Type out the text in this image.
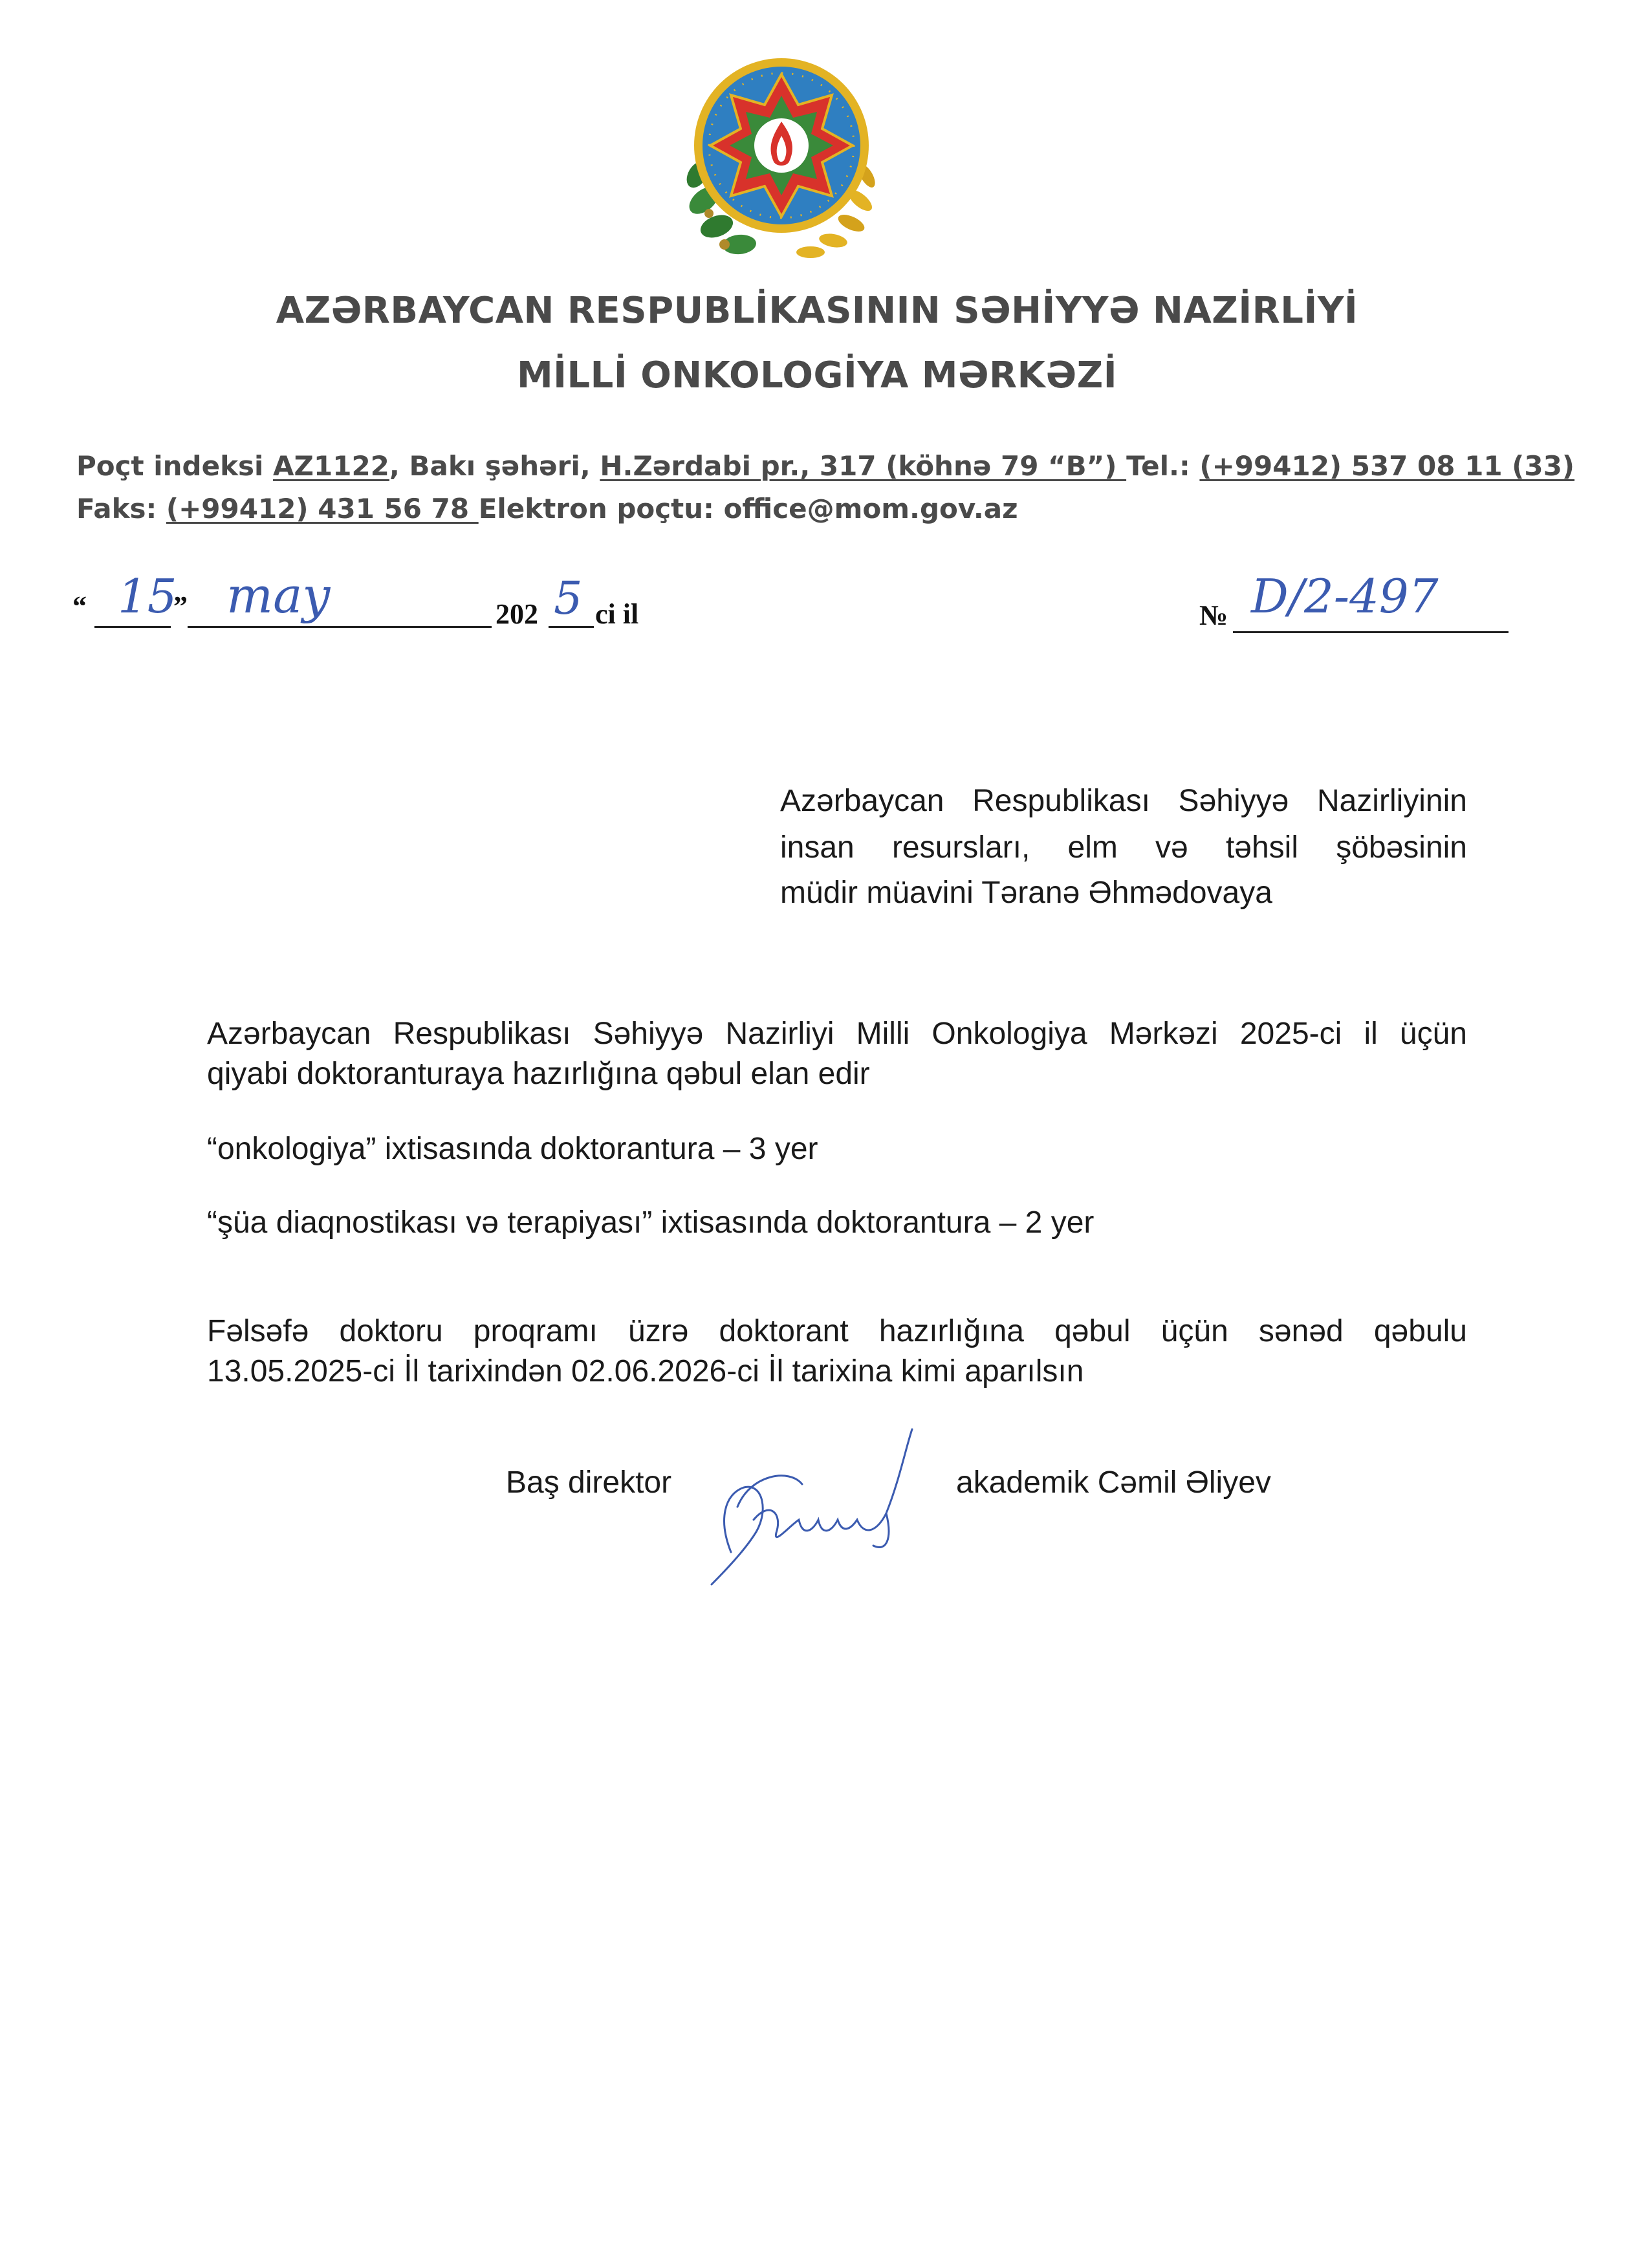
AZƏRBAYCAN RESPUBLİKASININ SƏHİYYƏ NAZİRLİYİ
MİLLİ ONKOLOGİYA MƏRKƏZİ
Poçt indeksi AZ1122, Bakı şəhəri, H.Zərdabi pr., 317 (köhnə 79 “B”) Tel.: (+99412) 537 08 11 (33)
Faks: (+99412) 431 56 78 Elektron poçtu: office@mom.gov.az
“ 15
” may	202 5 ci il	№ D/2-497
Azərbaycan Respublikası Səhiyyə Nazirliyinin
insan resursları, elm və təhsil şöbəsinin
müdir müavini Təranə Əhmədovaya
Azərbaycan Respublikası Səhiyyə Nazirliyi Milli Onkologiya Mərkəzi 2025-ci il üçün
qiyabi doktoranturaya hazırlığına qəbul elan edir
“onkologiya” ixtisasında doktorantura – 3 yer
“şüa diaqnostikası və terapiyası” ixtisasında doktorantura – 2 yer
Fəlsəfə doktoru proqramı üzrə doktorant hazırlığına qəbul üçün sənəd qəbulu
13.05.2025-ci İl tarixindən 02.06.2026-ci İl tarixina kimi aparılsın
Baş direktor	akademik Cəmil Əliyev
